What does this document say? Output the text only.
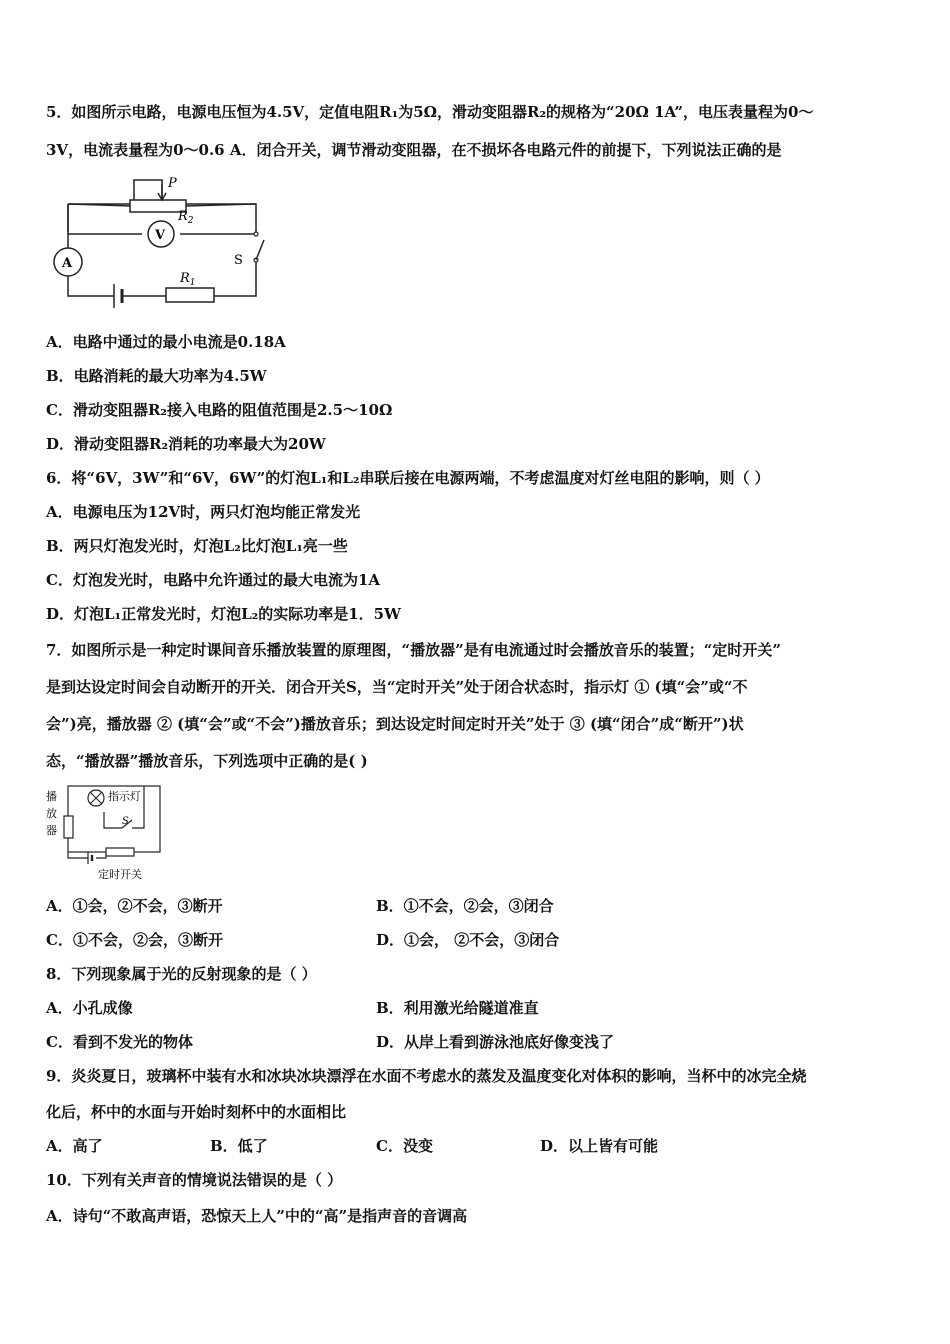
5．如图所示电路，电源电压恒为4.5V，定值电阻R₁为5Ω，滑动变阻器R₂的规格为“20Ω 1A”，电压表量程为0～
3V，电流表量程为0～0.6 A．闭合开关，调节滑动变阻器，在不损坏各电路元件的前提下，下列说法正确的是
P
$R_2$
V
A	S
$R_1$
A．电路中通过的最小电流是0.18A
B．电路消耗的最大功率为4.5W
C．滑动变阻器R₂接入电路的阻值范围是2.5～10Ω
D．滑动变阻器R₂消耗的功率最大为20W
6．将“6V，3W”和“6V，6W”的灯泡L₁和L₂串联后接在电源两端，不考虑温度对灯丝电阻的影响，则（ ）
A．电源电压为12V时，两只灯泡均能正常发光
B．两只灯泡发光时，灯泡L₂比灯泡L₁亮一些
C．灯泡发光时，电路中允许通过的最大电流为1A
D．灯泡L₁正常发光时，灯泡L₂的实际功率是1．5W
7．如图所示是一种定时课间音乐播放装置的原理图，“播放器”是有电流通过时会播放音乐的装置；“定时开关”
是到达设定时间会自动断开的开关．闭合开关S，当“定时开关”处于闭合状态时，指示灯 ① (填“会”或“不
会”)亮，播放器 ② (填“会”或“不会”)播放音乐；到达设定时间定时开关”处于 ③ (填“闭合”成“断开”)状
态，“播放器”播放音乐，下列选项中正确的是( )
指示灯
S
播
放
器
定时开关
A．①会，②不会，③断开	B．①不会，②会，③闭合
C．①不会，②会，③断开	D．①会， ②不会，③闭合
8．下列现象属于光的反射现象的是（ ）
A．小孔成像	B．利用激光给隧道准直
C．看到不发光的物体	D．从岸上看到游泳池底好像变浅了
9．炎炎夏日，玻璃杯中装有水和冰块冰块漂浮在水面不考虑水的蒸发及温度变化对体积的影响，当杯中的冰完全烧
化后，杯中的水面与开始时刻杯中的水面相比
A．高了	B．低了	C．没变	D．以上皆有可能
10．下列有关声音的情境说法错误的是（ ）
A．诗句“不敢高声语，恐惊天上人”中的“高”是指声音的音调高
